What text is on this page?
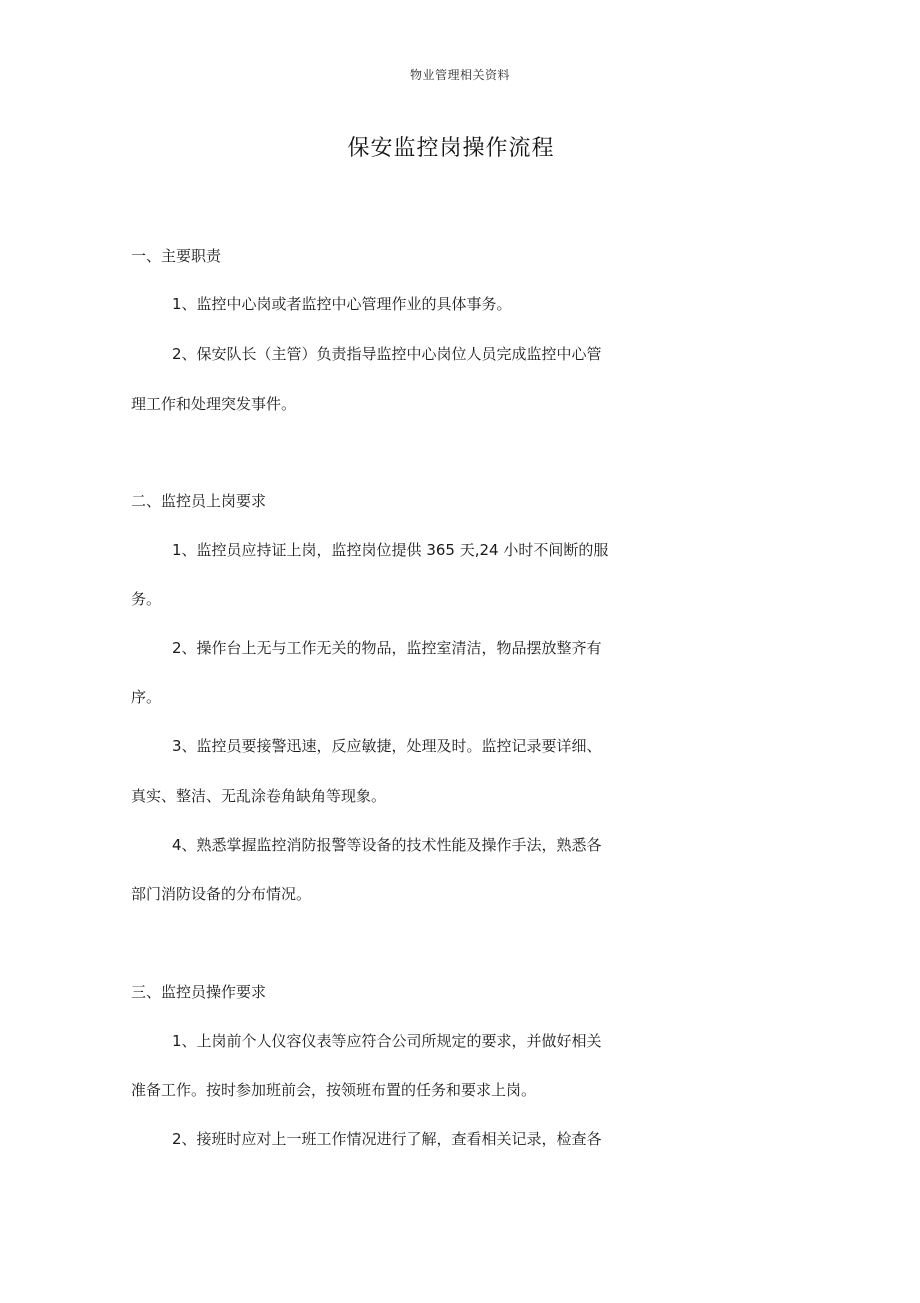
物业管理相关资料
保安监控岗操作流程
一、主要职责
1、监控中心岗或者监控中心管理作业的具体事务。
2、保安队长（主管）负责指导监控中心岗位人员完成监控中心管
理工作和处理突发事件。
二、监控员上岗要求
1、监控员应持证上岗，监控岗位提供 365 天,24 小时不间断的服
务。
2、操作台上无与工作无关的物品，监控室清洁，物品摆放整齐有
序。
3、监控员要接警迅速，反应敏捷，处理及时。监控记录要详细、
真实、整洁、无乱涂卷角缺角等现象。
4、熟悉掌握监控消防报警等设备的技术性能及操作手法，熟悉各
部门消防设备的分布情况。
三、监控员操作要求
1、上岗前个人仪容仪表等应符合公司所规定的要求，并做好相关
准备工作。按时参加班前会，按领班布置的任务和要求上岗。
2、接班时应对上一班工作情况进行了解，查看相关记录，检查各
